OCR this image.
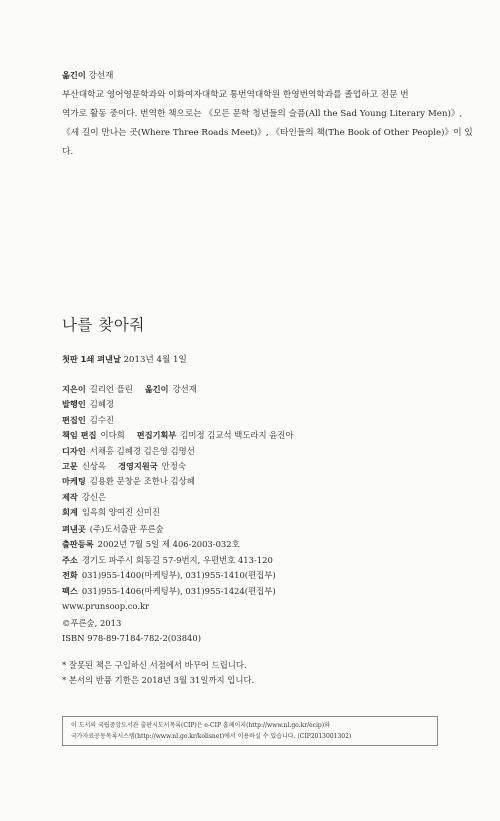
옮긴이 강선재
부산대학교 영어영문학과와 이화여자대학교 통번역대학원 한영번역학과를 졸업하고 전문 번
역가로 활동 중이다. 번역한 책으로는 《모든 문학 청년들의 슬픔(All the Sad Young Literary Men)》,
《세 길이 만나는 곳(Where Three Roads Meet)》, 《타인들의 책(The Book of Other People)》이 있다.
나를 찾아줘
첫판 1쇄 펴낸날 2013년 4월 1일
지은이 길리언 플린 옮긴이 강선재
발행인 김혜경
편집인 김수진
책임 편집 이다희 편집기획부 김미정 김교석 백도라지 윤진아
디자인 서채홍 김혜경 김은영 김명선
고문 신상옥 경영지원국 안정숙
마케팅 김용환 문창운 조한나 김상혜
제작 강신은
회계 임옥희 양여진 신미진
펴낸곳 (주)도서출판 푸른숲
출판등록 2002년 7월 5일 제 406-2003-032호
주소 경기도 파주시 회동길 57-9번지, 우편번호 413-120
전화 031)955-1400(마케팅부), 031)955-1410(편집부)
팩스 031)955-1406(마케팅부), 031)955-1424(편집부)
www.prunsoop.co.kr
©푸른숲, 2013
ISBN 978-89-7184-782-2(03840)
* 잘못된 책은 구입하신 서점에서 바꾸어 드립니다.
* 본서의 반품 기한은 2018년 3월 31일까지 입니다.
이 도서의 국립중앙도서관 출판시도서목록(CIP)은 e-CIP 홈페이지(http://www.nl.go.kr/ecip)와
국가자료공동목록시스템(http://www.nl.go.kr/kolisnet)에서 이용하실 수 있습니다. (CIP2013001302)
